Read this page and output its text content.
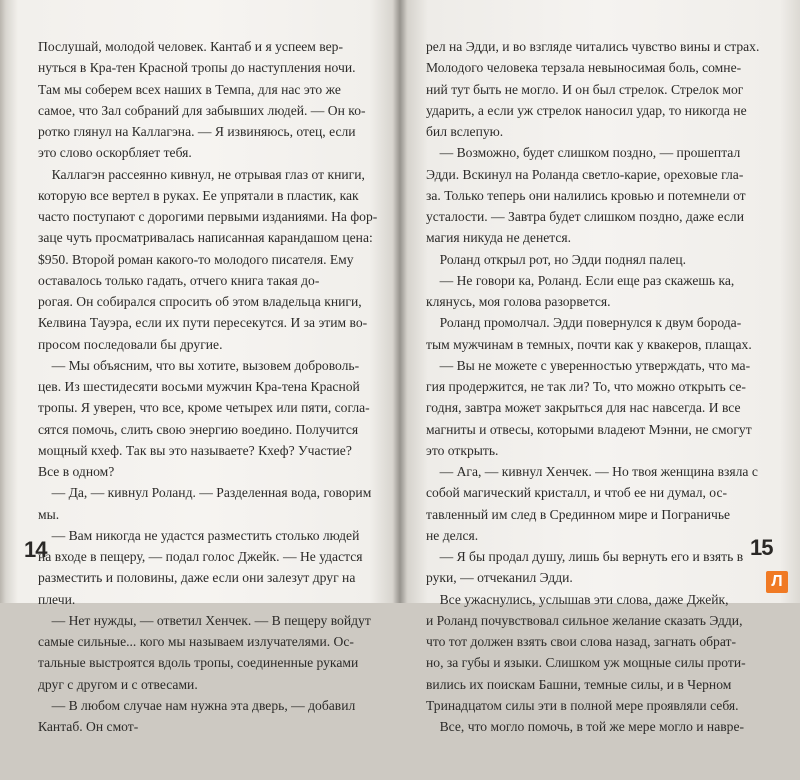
Послушай, молодой человек. Кантаб и я успеем вер-
нуться в Кра-тен Красной тропы до наступления ночи.
Там мы соберем всех наших в Темпа, для нас это же
самое, что Зал собраний для забывших людей. — Он ко-
ротко глянул на Каллагэна. — Я извиняюсь, отец, если
это слово оскорбляет тебя.
Каллагэн рассеянно кивнул, не отрывая глаз от книги,
которую все вертел в руках. Ее упрятали в пластик, как
часто поступают с дорогими первыми изданиями. На фор-
заце чуть просматривалась написанная карандашом цена:
$950. Второй роман какого-то молодого писателя. Ему
оставалось только гадать, отчего книга такая до-
рогая. Он собирался спросить об этом владельца книги,
Келвина Тауэра, если их пути пересекутся. И за этим во-
просом последовали бы другие.
— Мы объясним, что вы хотите, вызовем доброволь-
цев. Из шестидесяти восьми мужчин Кра-тена Красной
тропы. Я уверен, что все, кроме четырех или пяти, согла-
сятся помочь, слить свою энергию воедино. Получится
мощный кхеф. Так вы это называете? Кхеф? Участие?
Все в одном?
— Да, — кивнул Роланд. — Разделенная вода, говорим
мы.
— Вам никогда не удастся разместить столько людей
на входе в пещеру, — подал голос Джейк. — Не удастся
разместить и половины, даже если они залезут друг на
плечи.
— Нет нужды, — ответил Хенчек. — В пещеру войдут
самые сильные... кого мы называем излучателями. Ос-
тальные выстроятся вдоль тропы, соединенные руками
друг с другом и с отвесами.
— В любом случае нам нужна эта дверь, — добавил
Кантаб. Он смот-
14
рел на Эдди, и во взгляде читались чувство вины и страх.
Молодого человека терзала невыносимая боль, сомне-
ний тут быть не могло. И он был стрелок. Стрелок мог
ударить, а если уж стрелок наносил удар, то никогда не
бил вслепую.
— Возможно, будет слишком поздно, — прошептал
Эдди. Вскинул на Роланда светло-карие, ореховые гла-
за. Только теперь они налились кровью и потемнели от
усталости. — Завтра будет слишком поздно, даже если
магия никуда не денется.
Роланд открыл рот, но Эдди поднял палец.
— Не говори ка, Роланд. Если еще раз скажешь ка,
клянусь, моя голова разорвется.
Роланд промолчал. Эдди повернулся к двум борода-
тым мужчинам в темных, почти как у квакеров, плащах.
— Вы не можете с уверенностью утверждать, что ма-
гия продержится, не так ли? То, что можно открыть се-
годня, завтра может закрыться для нас навсегда. И все
магниты и отвесы, которыми владеют Мэнни, не смогут
это открыть.
— Ага, — кивнул Хенчек. — Но твоя женщина взяла с
собой магический кристалл, и чтоб ее ни думал, ос-
тавленный им след в Срединном мире и Пограничье
не делся.
— Я бы продал душу, лишь бы вернуть его и взять в
руки, — отчеканил Эдди.
Все ужаснулись, услышав эти слова, даже Джейк,
и Роланд почувствовал сильное желание сказать Эдди,
что тот должен взять свои слова назад, загнать обрат-
но, за губы и языки. Слишком уж мощные силы проти-
вились их поискам Башни, темные силы, и в Черном
Тринадцатом силы эти в полной мере проявляли себя.
Все, что могло помочь, в той же мере могло и навре-
15
Л
